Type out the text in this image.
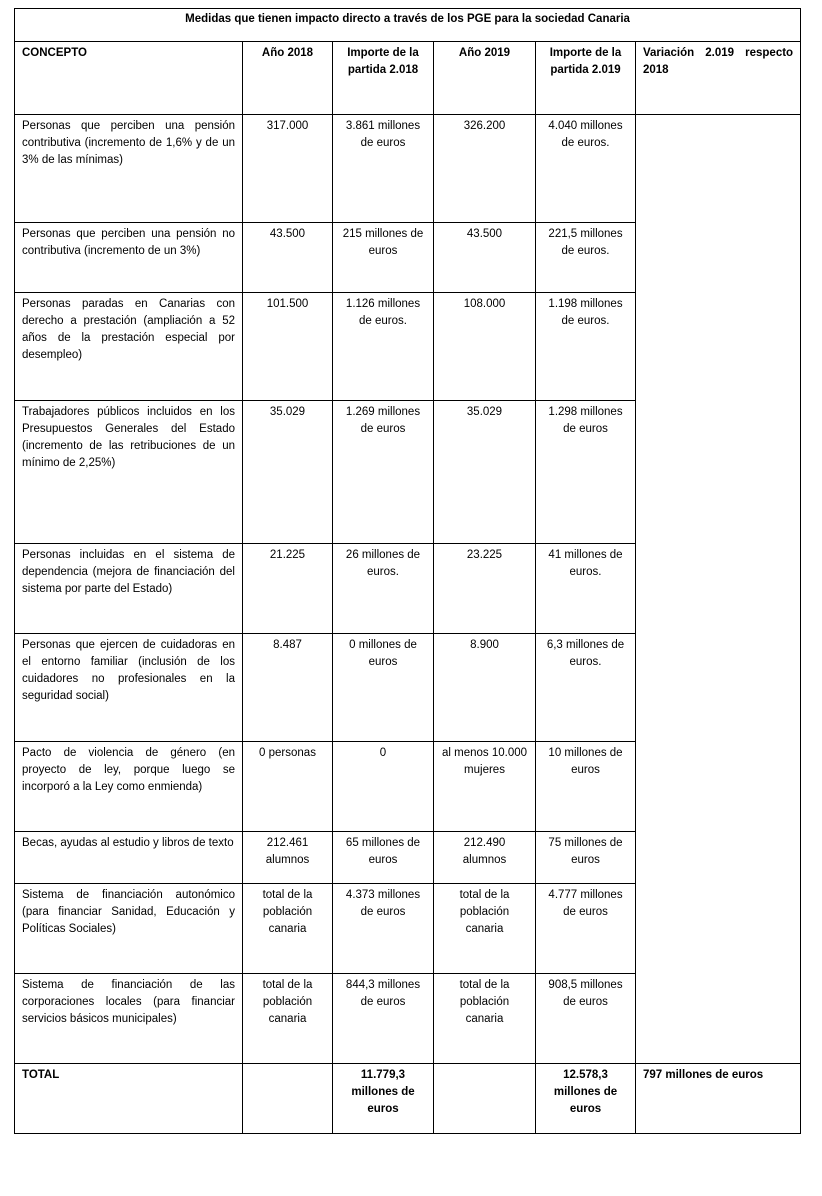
Medidas que tienen impacto directo a través de los PGE para la sociedad Canaria					
CONCEPTO	Año 2018	Importe de la partida 2.018	Año 2019	Importe de la partida 2.019	Variación 2.019 respecto 2018
Personas que perciben una pensión contributiva (incremento de 1,6% y de un 3% de las mínimas)	317.000	3.861 millones de euros	326.200	4.040 millones de euros.	
Personas que perciben una pensión no contributiva (incremento de un 3%)	43.500	215 millones de euros	43.500	221,5 millones de euros.	
Personas paradas en Canarias con derecho a prestación (ampliación a 52 años de la prestación especial por desempleo)	101.500	1.126 millones de euros.	108.000	1.198 millones de euros.	
Trabajadores públicos incluidos en los Presupuestos Generales del Estado (incremento de las retribuciones de un mínimo de 2,25%)	35.029	1.269 millones de euros	35.029	1.298 millones de euros	
Personas incluidas en el sistema de dependencia (mejora de financiación del sistema por parte del Estado)	21.225	26 millones de euros.	23.225	41 millones de euros.	
Personas que ejercen de cuidadoras en el entorno familiar (inclusión de los cuidadores no profesionales en la seguridad social)	8.487	0 millones de euros	8.900	6,3 millones de euros.	
Pacto de violencia de género (en proyecto de ley, porque luego se incorporó a la Ley como enmienda)	0 personas	0	al menos 10.000 mujeres	10 millones de euros	
Becas, ayudas al estudio y libros de texto	212.461 alumnos	65 millones de euros	212.490 alumnos	75 millones de euros	
Sistema de financiación autonómico (para financiar Sanidad, Educación y Políticas Sociales)	total de la población canaria	4.373 millones de euros	total de la población canaria	4.777 millones de euros	
Sistema de financiación de las corporaciones locales (para financiar servicios básicos municipales)	total de la población canaria	844,3 millones de euros	total de la población canaria	908,5 millones de euros	
TOTAL		11.779,3 millones de euros		12.578,3 millones de euros	797 millones de euros
